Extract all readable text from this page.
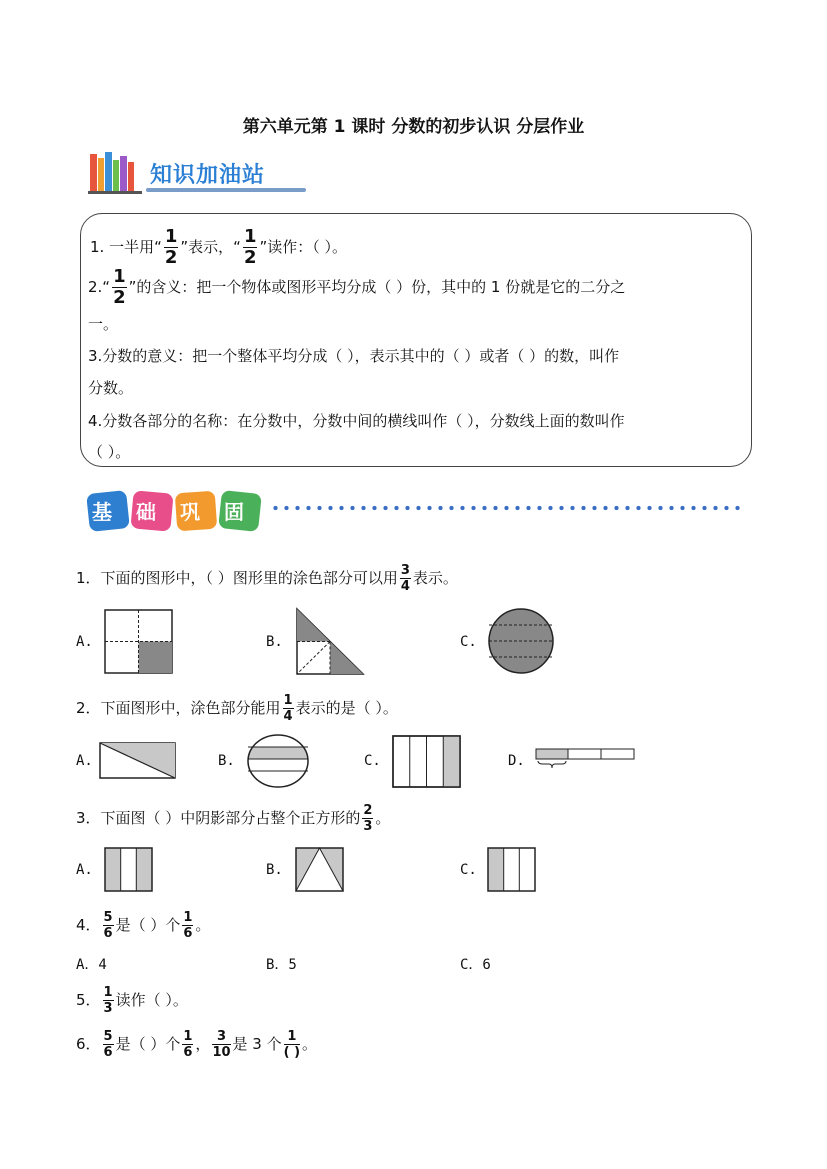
第六单元第 1 课时 分数的初步认识 分层作业
知识加油站
1. 一半用“ $\frac{1}{2}$ ”表示，“ $\frac{1}{2}$ ”读作：（ ）。
2.“ $\frac{1}{2}$ ”的含义：把一个物体或图形平均分成（ ）份，其中的 1 份就是它的二分之
一。
3.分数的意义：把一个整体平均分成（ ），表示其中的（ ）或者（ ）的数，叫作
分数。
4.分数各部分的名称：在分数中，分数中间的横线叫作（ ），分数线上面的数叫作
（ ）。
基 础 巩 固
1．下面的图形中，（ ）图形里的涂色部分可以用 $\frac{3}{4}$ 表示。
A.	B.	C.
2．下面图形中，涂色部分能用 $\frac{1}{4}$ 表示的是（ ）。
A.	B.	C.	D.
3．下面图（ ）中阴影部分占整个正方形的 $\frac{2}{3}$ 。
A.	B.	C.
4． $\frac{5}{6}$ 是（ ）个 $\frac{1}{6}$ 。
A．4	B．5	C．6
5． $\frac{1}{3}$ 读作（ ）。
6． $\frac{5}{6}$ 是（ ）个 $\frac{1}{6}$ ， $\frac{3}{10}$ 是 3 个 $\frac{1}{( )}$ 。
